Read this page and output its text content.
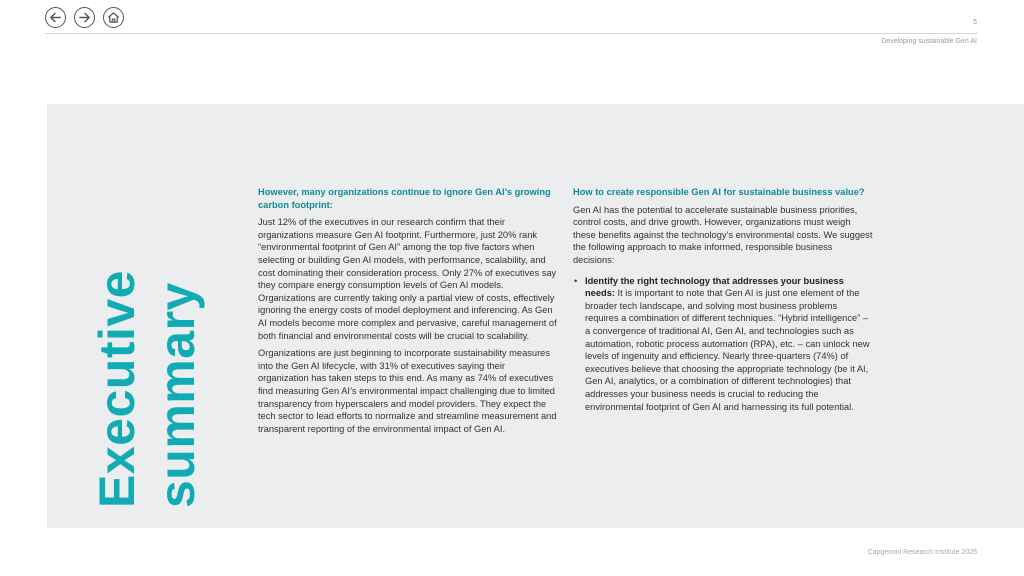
5
Developing sustainable Gen AI
Executive summary
However, many organizations continue to ignore Gen AI’s growing carbon footprint:
Just 12% of the executives in our research confirm that their organizations measure Gen AI footprint. Furthermore, just 20% rank “environmental footprint of Gen AI” among the top five factors when selecting or building Gen AI models, with performance, scalability, and cost dominating their consideration process. Only 27% of executives say they compare energy consumption levels of Gen AI models. Organizations are currently taking only a partial view of costs, effectively ignoring the energy costs of model deployment and inferencing. As Gen AI models become more complex and pervasive, careful management of both financial and environmental costs will be crucial to scalability.
Organizations are just beginning to incorporate sustainability measures into the Gen AI lifecycle, with 31% of executives saying their organization has taken steps to this end. As many as 74% of executives find measuring Gen AI’s environmental impact challenging due to limited transparency from hyperscalers and model providers. They expect the tech sector to lead efforts to normalize and streamline measurement and transparent reporting of the environmental impact of Gen AI.
How to create responsible Gen AI for sustainable business value?
Gen AI has the potential to accelerate sustainable business priorities, control costs, and drive growth. However, organizations must weigh these benefits against the technology’s environmental costs. We suggest the following approach to make informed, responsible business decisions:
• Identify the right technology that addresses your business needs: It is important to note that Gen AI is just one element of the broader tech landscape, and solving most business problems requires a combination of different techniques. “Hybrid intelligence” – a convergence of traditional AI, Gen AI, and technologies such as automation, robotic process automation (RPA), etc. – can unlock new levels of ingenuity and efficiency. Nearly three-quarters (74%) of executives believe that choosing the appropriate technology (be it AI, Gen AI, analytics, or a combination of different technologies) that addresses your business needs is crucial to reducing the environmental footprint of Gen AI and harnessing its full potential.
Capgemini Research Institute 2025
